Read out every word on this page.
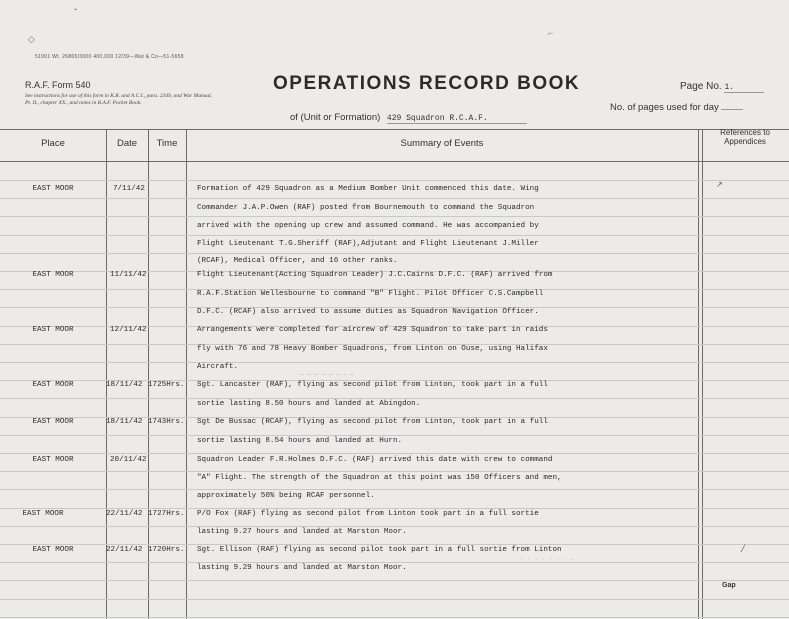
◇
ˇ
⌐
51901 Wt. 26865/3000 400,000 12/39—Wat & Co—51-5658
R.A.F. Form 540
See instructions for use of this form in K.R. and A.C.I., para. 2349, and War Manual, Pt. II., chapter XX., and notes in R.A.F. Pocket Book.
OPERATIONS RECORD BOOK
of (Unit or Formation) 429 Squadron R.C.A.F.
Page No. 1.
No. of pages used for day
Place	Date	Time	Summary of Events
References to Appendices
EAST MOOR	7/11/42	Formation of 429 Squadron as a Medium Bomber Unit commenced this date. Wing
Commander J.A.P.Owen (RAF) posted from Bournemouth to command the Squadron
arrived with the opening up crew and assumed command. He was accompanied by
Flight Lieutenant T.G.Sheriff (RAF),Adjutant and Flight Lieutenant J.Miller
(RCAF), Medical Officer, and 16 other ranks.
EAST MOOR	11/11/42	Flight Lieutenant(Acting Squadron Leader) J.C.Cairns D.F.C. (RAF) arrived from
R.A.F.Station Wellesbourne to command "B" Flight. Pilot Officer C.S.Campbell
D.F.C. (RCAF) also arrived to assume duties as Squadron Navigation Officer.
EAST MOOR	12/11/42	Arrangements were completed for aircrew of 429 Squadron to take part in raids
fly with 76 and 78 Heavy Bomber Squadrons, from Linton on Ouse, using Halifax
Aircraft.
— — — — — — — —
EAST MOOR	18/11/42 1725Hrs.	Sgt. Lancaster (RAF), flying as second pilot from Linton, took part in a full
sortie lasting 8.50 hours and landed at Abingdon.
EAST MOOR	18/11/42 1743Hrs.	Sgt De Bussac (RCAF), flying as second pilot from Linton, took part in a full
sortie lasting 8.54 hours and landed at Hurn.
EAST MOOR	20/11/42	Squadron Leader F.R.Holmes D.F.C. (RAF) arrived this date with crew to command
"A" Flight. The strength of the Squadron at this point was 150 Officers and men,
approximately 50% being RCAF personnel.
EAST MOOR	22/11/42 1727Hrs.	P/O Fox (RAF) flying as second pilot from Linton took part in a full sortie
lasting 9.27 hours and landed at Marston Moor.
EAST MOOR	22/11/42 1720Hrs.	Sgt. Ellison (RAF) flying as second pilot took part in a full sortie from Linton
lasting 9.29 hours and landed at Marston Moor.
· · · · · · · ·
↗
/
Gap
